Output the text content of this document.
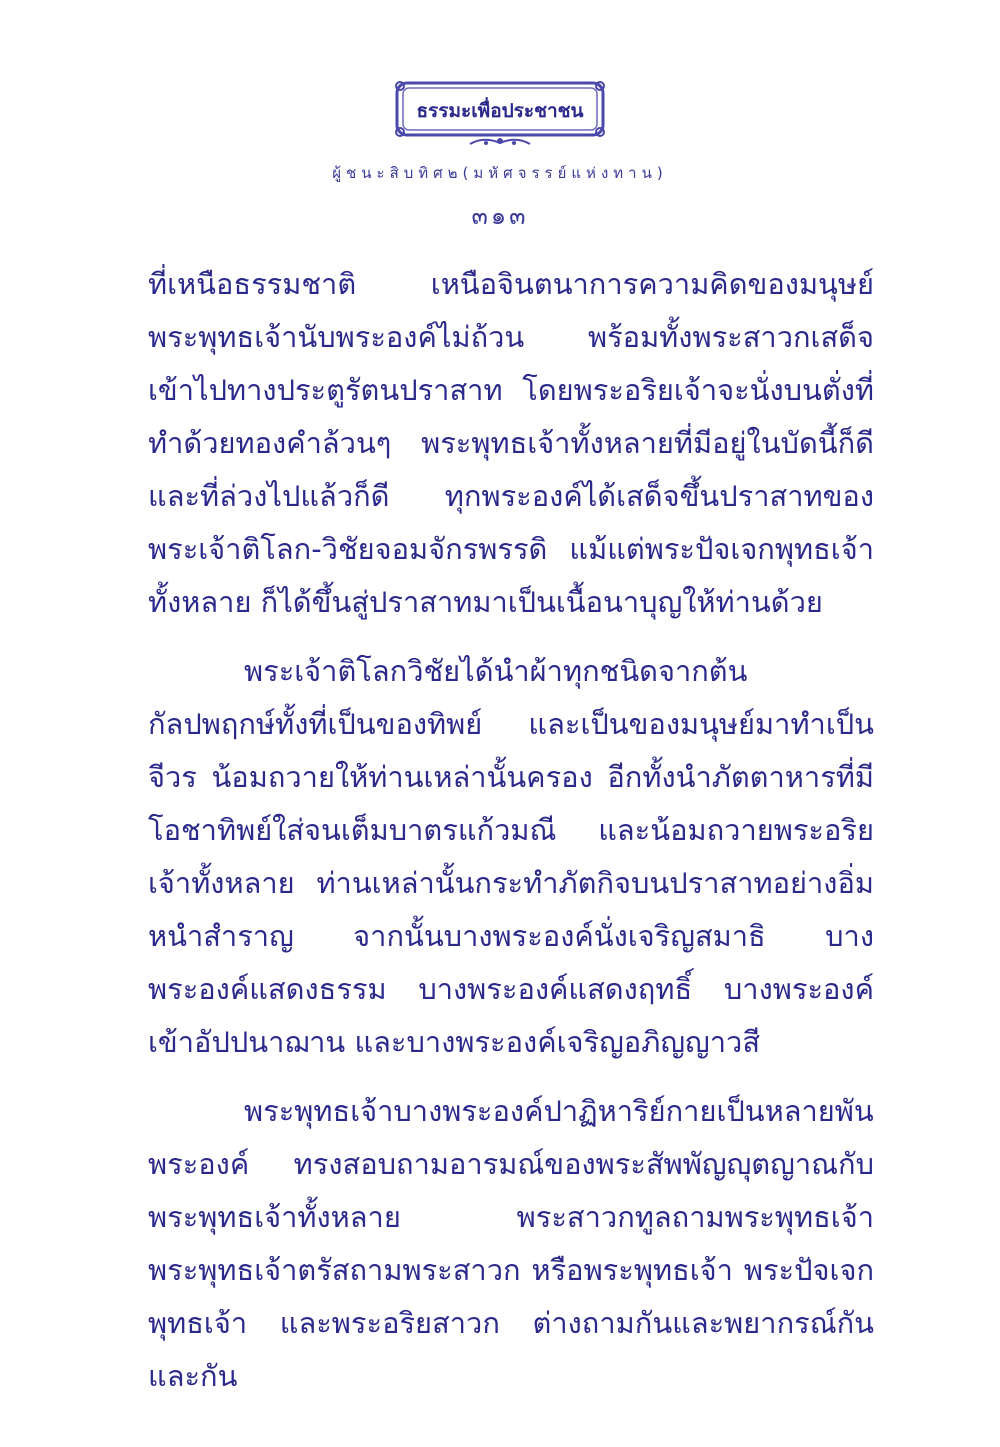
ธรรมะเพื่อประชาชน
ผู้ชนะสิบทิศ๒(มหัศจรรย์แห่งทาน)
๓๑๓

ที่เหนือธรรมชาติ เหนือจินตนาการความคิดของมนุษย์ พระพุทธเจ้านับพระองค์ไม่ถ้วน พร้อมทั้งพระสาวกเสด็จเข้าไปทางประตูรัตนปราสาท โดยพระอริยเจ้าจะนั่งบนตั่งที่ทำด้วยทองคำล้วนๆ พระพุทธเจ้าทั้งหลายที่มีอยู่ในบัดนี้ก็ดี และที่ล่วงไปแล้วก็ดี ทุกพระองค์ได้เสด็จขึ้นปราสาทของพระเจ้าติโลก-วิชัยจอมจักรพรรดิ แม้แต่พระปัจเจกพุทธเจ้าทั้งหลาย ก็ได้ขึ้นสู่ปราสาทมาเป็นเนื้อนาบุญให้ท่านด้วย

พระเจ้าติโลกวิชัยได้นำผ้าทุกชนิดจากต้นกัลปพฤกษ์ทั้งที่เป็นของทิพย์ และเป็นของมนุษย์มาทำเป็นจีวร น้อมถวายให้ท่านเหล่านั้นครอง อีกทั้งนำภัตตาหารที่มีโอชาทิพย์ใส่จนเต็มบาตรแก้วมณี และน้อมถวายพระอริยเจ้าทั้งหลาย ท่านเหล่านั้นกระทำภัตกิจบนปราสาทอย่างอิ่มหนำสำราญ จากนั้นบางพระองค์นั่งเจริญสมาธิ บางพระองค์แสดงธรรม บางพระองค์แสดงฤทธิ์ บางพระองค์เข้าอัปปนาฌาน และบางพระองค์เจริญอภิญญาวสี

พระพุทธเจ้าบางพระองค์ปาฏิหาริย์กายเป็นหลายพันพระองค์ ทรงสอบถามอารมณ์ของพระสัพพัญญุตญาณกับพระพุทธเจ้าทั้งหลาย พระสาวกทูลถามพระพุทธเจ้า พระพุทธเจ้าตรัสถามพระสาวก หรือพระพุทธเจ้า พระปัจเจกพุทธเจ้า และพระอริยสาวก ต่างถามกันและพยากรณ์กันและกัน
